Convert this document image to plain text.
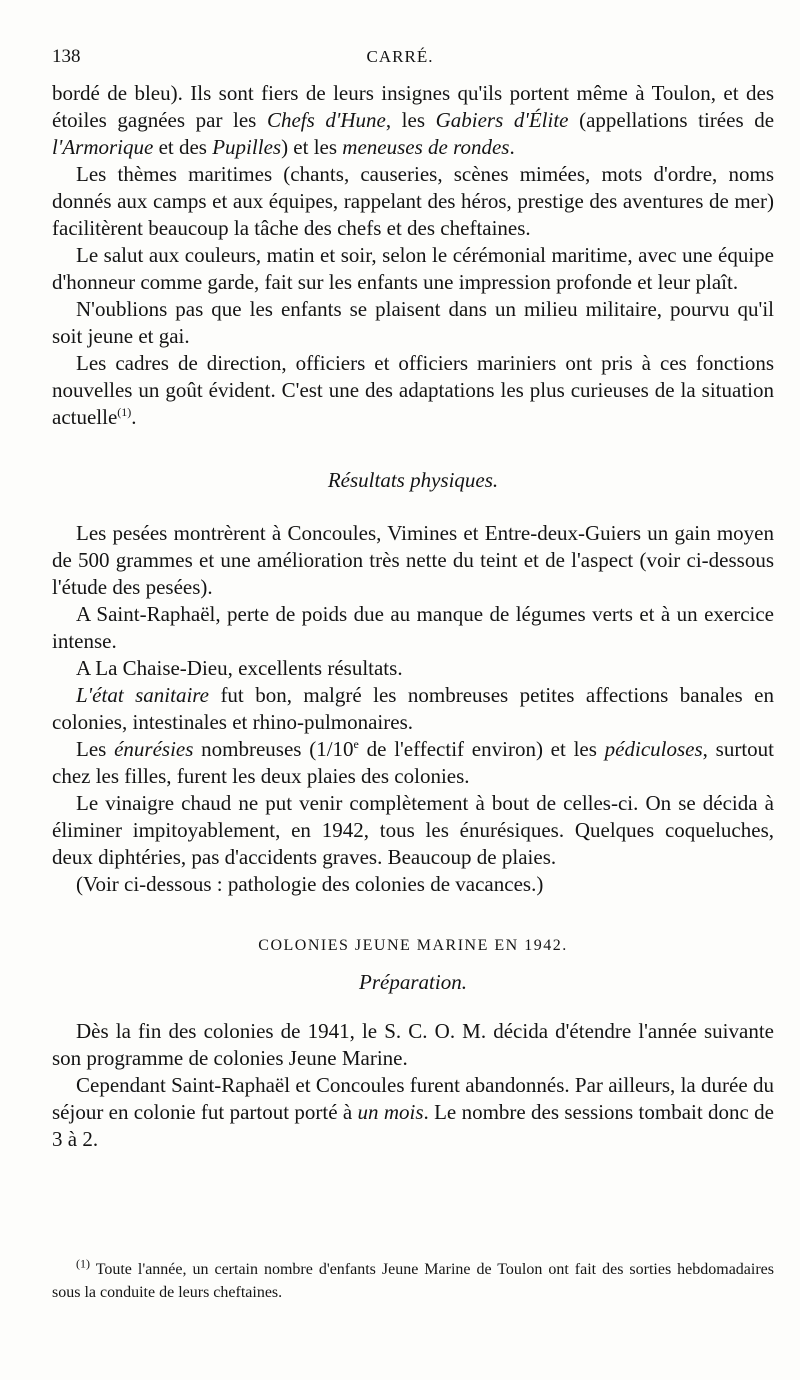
138	CARRÉ.

bordé de bleu). Ils sont fiers de leurs insignes qu'ils portent même à Toulon, et des étoiles gagnées par les Chefs d'Hune, les Gabiers d'Élite (appellations tirées de l'Armorique et des Pupilles) et les meneuses de rondes.

Les thèmes maritimes (chants, causeries, scènes mimées, mots d'ordre, noms donnés aux camps et aux équipes, rappelant des héros, prestige des aventures de mer) facilitèrent beaucoup la tâche des chefs et des cheftaines.

Le salut aux couleurs, matin et soir, selon le cérémonial maritime, avec une équipe d'honneur comme garde, fait sur les enfants une impression profonde et leur plaît.

N'oublions pas que les enfants se plaisent dans un milieu militaire, pourvu qu'il soit jeune et gai.

Les cadres de direction, officiers et officiers mariniers ont pris à ces fonctions nouvelles un goût évident. C'est une des adaptations les plus curieuses de la situation actuelle$^{(1)}$.

Résultats physiques.

Les pesées montrèrent à Concoules, Vimines et Entre-deux-Guiers un gain moyen de 500 grammes et une amélioration très nette du teint et de l'aspect (voir ci-dessous l'étude des pesées).

A Saint-Raphaël, perte de poids due au manque de légumes verts et à un exercice intense.

A La Chaise-Dieu, excellents résultats.

L'état sanitaire fut bon, malgré les nombreuses petites affections banales en colonies, intestinales et rhino-pulmonaires.

Les énurésies nombreuses (1/10e de l'effectif environ) et les pédiculoses, surtout chez les filles, furent les deux plaies des colonies.

Le vinaigre chaud ne put venir complètement à bout de celles-ci. On se décida à éliminer impitoyablement, en 1942, tous les énurésiques. Quelques coqueluches, deux diphtéries, pas d'accidents graves. Beaucoup de plaies.

(Voir ci-dessous : pathologie des colonies de vacances.)

COLONIES JEUNE MARINE EN 1942.
Préparation.

Dès la fin des colonies de 1941, le S. C. O. M. décida d'étendre l'année suivante son programme de colonies Jeune Marine.

Cependant Saint-Raphaël et Concoules furent abandonnés. Par ailleurs, la durée du séjour en colonie fut partout porté à un mois. Le nombre des sessions tombait donc de 3 à 2.

$^{(1)}$ Toute l'année, un certain nombre d'enfants Jeune Marine de Toulon ont fait des sorties hebdomadaires sous la conduite de leurs cheftaines.
